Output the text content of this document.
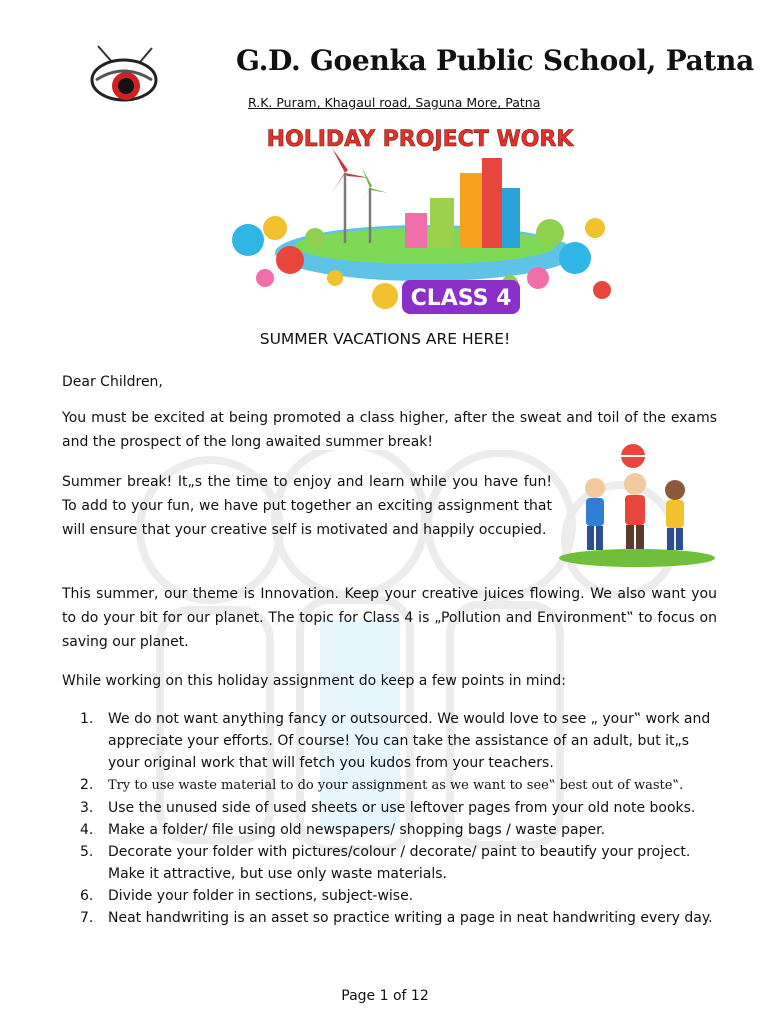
G.D. Goenka Public School, Patna
R.K. Puram, Khagaul road, Saguna More, Patna
HOLIDAY PROJECT WORK
CLASS 4
SUMMER VACATIONS ARE HERE!

Dear Children,

You must be excited at being promoted a class higher, after the sweat and toil of the exams and the prospect of the long awaited summer break!

Summer break! It„s the time to enjoy and learn while you have fun! To add to your fun, we have put together an exciting assignment that will ensure that your creative self is motivated and happily occupied.

This summer, our theme is Innovation. Keep your creative juices flowing. We also want you to do your bit for our planet. The topic for Class 4 is „Pollution and Environment‟ to focus on saving our planet.

While working on this holiday assignment do keep a few points in mind:

1. We do not want anything fancy or outsourced. We would love to see „ your‟ work and appreciate your efforts. Of course! You can take the assistance of an adult, but it„s your original work that will fetch you kudos from your teachers.
2. Try to use waste material to do your assignment as we want to see‟ best out of waste‟.
3. Use the unused side of used sheets or use leftover pages from your old note books.
4. Make a folder/ file using old newspapers/ shopping bags / waste paper.
5. Decorate your folder with pictures/colour / decorate/ paint to beautify your project. Make it attractive, but use only waste materials.
6. Divide your folder in sections, subject-wise.
7. Neat handwriting is an asset so practice writing a page in neat handwriting every day.
Page 1 of 12
